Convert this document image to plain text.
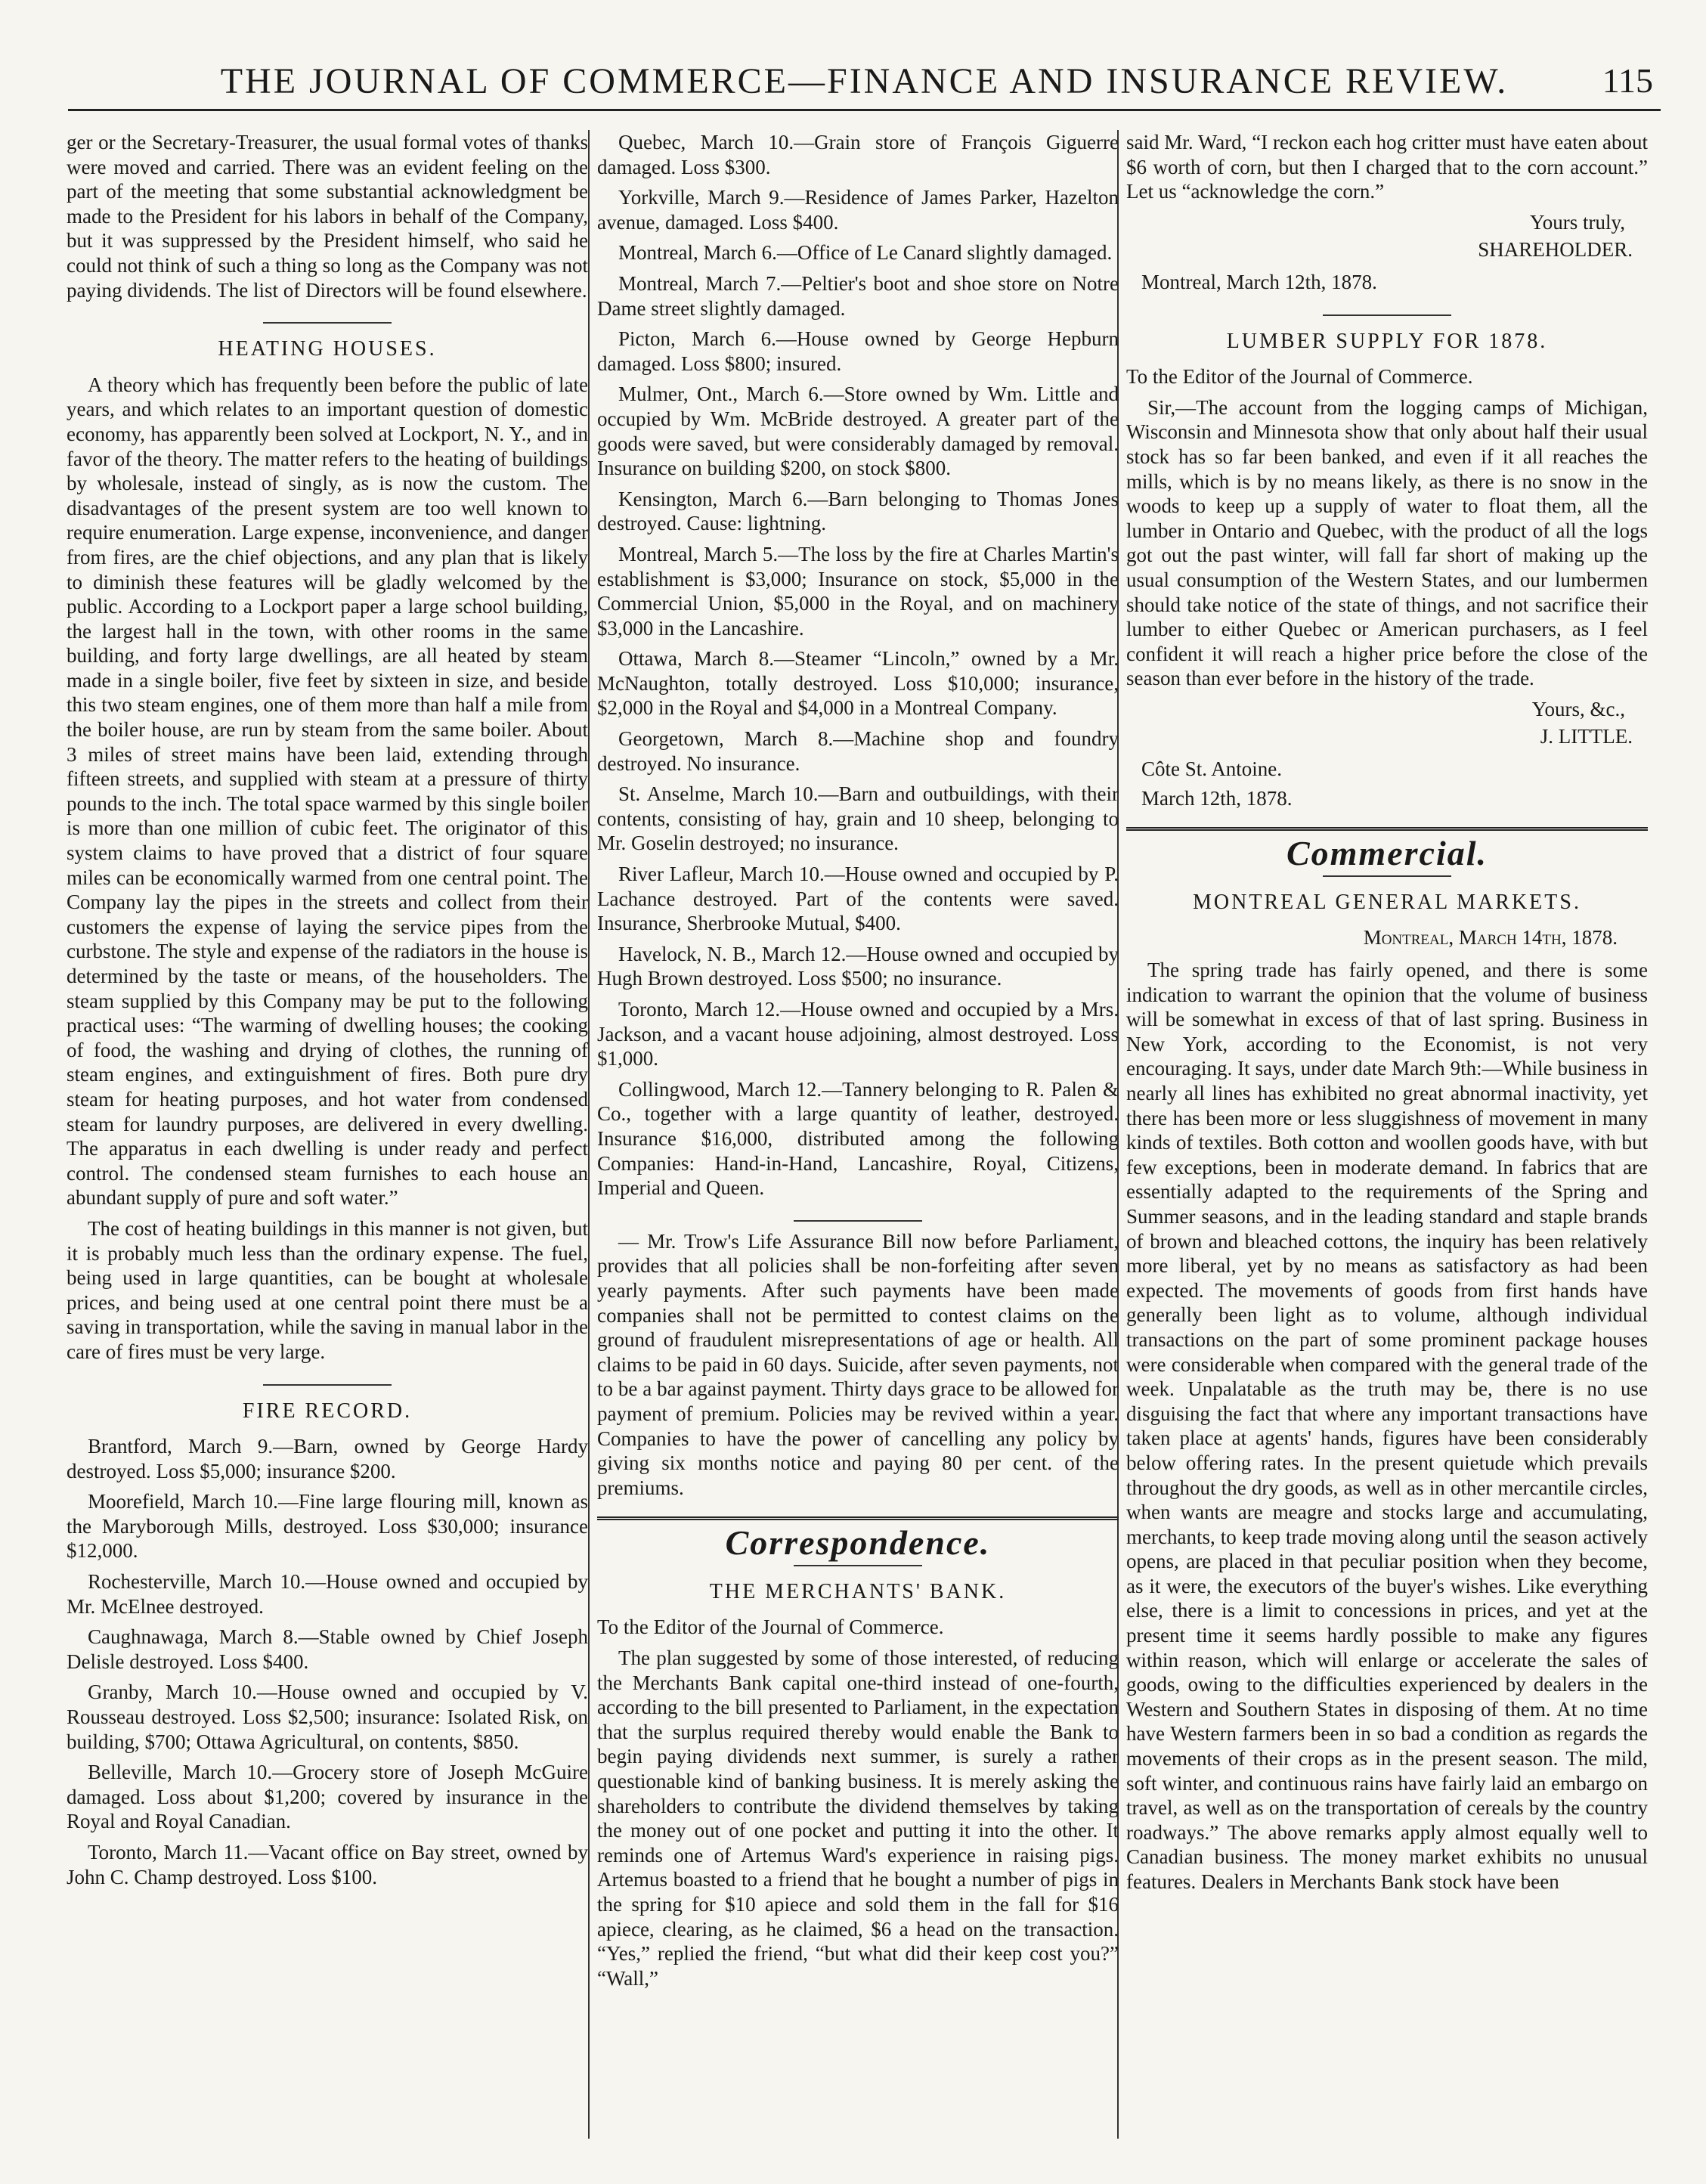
THE JOURNAL OF COMMERCE—FINANCE AND INSURANCE REVIEW.	115

ger or the Secretary-Treasurer, the usual formal votes of thanks were moved and carried. There was an evident feeling on the part of the meeting that some substantial acknowledgment be made to the President for his labors in behalf of the Company, but it was suppressed by the President himself, who said he could not think of such a thing so long as the Company was not paying dividends. The list of Directors will be found elsewhere.

HEATING HOUSES.

A theory which has frequently been before the public of late years, and which relates to an important question of domestic economy, has apparently been solved at Lockport, N. Y., and in favor of the theory. The matter refers to the heating of buildings by wholesale, instead of singly, as is now the custom. The disadvantages of the present system are too well known to require enumeration. Large expense, inconvenience, and danger from fires, are the chief objections, and any plan that is likely to diminish these features will be gladly welcomed by the public. According to a Lockport paper a large school building, the largest hall in the town, with other rooms in the same building, and forty large dwellings, are all heated by steam made in a single boiler, five feet by sixteen in size, and beside this two steam engines, one of them more than half a mile from the boiler house, are run by steam from the same boiler. About 3 miles of street mains have been laid, extending through fifteen streets, and supplied with steam at a pressure of thirty pounds to the inch. The total space warmed by this single boiler is more than one million of cubic feet. The originator of this system claims to have proved that a district of four square miles can be economically warmed from one central point. The Company lay the pipes in the streets and collect from their customers the expense of laying the service pipes from the curbstone. The style and expense of the radiators in the house is determined by the taste or means, of the householders. The steam supplied by this Company may be put to the following practical uses: “The warming of dwelling houses; the cooking of food, the washing and drying of clothes, the running of steam engines, and extinguishment of fires. Both pure dry steam for heating purposes, and hot water from condensed steam for laundry purposes, are delivered in every dwelling. The apparatus in each dwelling is under ready and perfect control. The condensed steam furnishes to each house an abundant supply of pure and soft water.”

The cost of heating buildings in this manner is not given, but it is probably much less than the ordinary expense. The fuel, being used in large quantities, can be bought at wholesale prices, and being used at one central point there must be a saving in transportation, while the saving in manual labor in the care of fires must be very large.

FIRE RECORD.

Brantford, March 9.—Barn, owned by George Hardy destroyed. Loss $5,000; insurance $200.

Moorefield, March 10.—Fine large flouring mill, known as the Maryborough Mills, destroyed. Loss $30,000; insurance $12,000.

Rochesterville, March 10.—House owned and occupied by Mr. McElnee destroyed.

Caughnawaga, March 8.—Stable owned by Chief Joseph Delisle destroyed. Loss $400.

Granby, March 10.—House owned and occupied by V. Rousseau destroyed. Loss $2,500; insurance: Isolated Risk, on building, $700; Ottawa Agricultural, on contents, $850.

Belleville, March 10.—Grocery store of Joseph McGuire damaged. Loss about $1,200; covered by insurance in the Royal and Royal Canadian.

Toronto, March 11.—Vacant office on Bay street, owned by John C. Champ destroyed. Loss $100.

Quebec, March 10.—Grain store of François Giguerre damaged. Loss $300.

Yorkville, March 9.—Residence of James Parker, Hazelton avenue, damaged. Loss $400.

Montreal, March 6.—Office of Le Canard slightly damaged.

Montreal, March 7.—Peltier's boot and shoe store on Notre Dame street slightly damaged.

Picton, March 6.—House owned by George Hepburn damaged. Loss $800; insured.

Mulmer, Ont., March 6.—Store owned by Wm. Little and occupied by Wm. McBride destroyed. A greater part of the goods were saved, but were considerably damaged by removal. Insurance on building $200, on stock $800.

Kensington, March 6.—Barn belonging to Thomas Jones destroyed. Cause: lightning.

Montreal, March 5.—The loss by the fire at Charles Martin's establishment is $3,000; Insurance on stock, $5,000 in the Commercial Union, $5,000 in the Royal, and on machinery $3,000 in the Lancashire.

Ottawa, March 8.—Steamer “Lincoln,” owned by a Mr. McNaughton, totally destroyed. Loss $10,000; insurance, $2,000 in the Royal and $4,000 in a Montreal Company.

Georgetown, March 8.—Machine shop and foundry destroyed. No insurance.

St. Anselme, March 10.—Barn and outbuildings, with their contents, consisting of hay, grain and 10 sheep, belonging to Mr. Goselin destroyed; no insurance.

River Lafleur, March 10.—House owned and occupied by P. Lachance destroyed. Part of the contents were saved. Insurance, Sherbrooke Mutual, $400.

Havelock, N. B., March 12.—House owned and occupied by Hugh Brown destroyed. Loss $500; no insurance.

Toronto, March 12.—House owned and occupied by a Mrs. Jackson, and a vacant house adjoining, almost destroyed. Loss $1,000.

Collingwood, March 12.—Tannery belonging to R. Palen & Co., together with a large quantity of leather, destroyed. Insurance $16,000, distributed among the following Companies: Hand-in-Hand, Lancashire, Royal, Citizens, Imperial and Queen.

— Mr. Trow's Life Assurance Bill now before Parliament, provides that all policies shall be non-forfeiting after seven yearly payments. After such payments have been made companies shall not be permitted to contest claims on the ground of fraudulent misrepresentations of age or health. All claims to be paid in 60 days. Suicide, after seven payments, not to be a bar against payment. Thirty days grace to be allowed for payment of premium. Policies may be revived within a year. Companies to have the power of cancelling any policy by giving six months notice and paying 80 per cent. of the premiums.

Correspondence.
THE MERCHANTS' BANK.

To the Editor of the Journal of Commerce.

The plan suggested by some of those interested, of reducing the Merchants Bank capital one-third instead of one-fourth, according to the bill presented to Parliament, in the expectation that the surplus required thereby would enable the Bank to begin paying dividends next summer, is surely a rather questionable kind of banking business. It is merely asking the shareholders to contribute the dividend themselves by taking the money out of one pocket and putting it into the other. It reminds one of Artemus Ward's experience in raising pigs. Artemus boasted to a friend that he bought a number of pigs in the spring for $10 apiece and sold them in the fall for $16 apiece, clearing, as he claimed, $6 a head on the transaction. “Yes,” replied the friend, “but what did their keep cost you?” “Wall,”

said Mr. Ward, “I reckon each hog critter must have eaten about $6 worth of corn, but then I charged that to the corn account.” Let us “acknowledge the corn.”

Yours truly,
SHAREHOLDER.
Montreal, March 12th, 1878.
LUMBER SUPPLY FOR 1878.

To the Editor of the Journal of Commerce.

Sir,—The account from the logging camps of Michigan, Wisconsin and Minnesota show that only about half their usual stock has so far been banked, and even if it all reaches the mills, which is by no means likely, as there is no snow in the woods to keep up a supply of water to float them, all the lumber in Ontario and Quebec, with the product of all the logs got out the past winter, will fall far short of making up the usual consumption of the Western States, and our lumbermen should take notice of the state of things, and not sacrifice their lumber to either Quebec or American purchasers, as I feel confident it will reach a higher price before the close of the season than ever before in the history of the trade.

Yours, &c.,
J. LITTLE.
Côte St. Antoine.
March 12th, 1878.
Commercial.
MONTREAL GENERAL MARKETS.
Montreal, March 14th, 1878.

The spring trade has fairly opened, and there is some indication to warrant the opinion that the volume of business will be somewhat in excess of that of last spring. Business in New York, according to the Economist, is not very encouraging. It says, under date March 9th:—While business in nearly all lines has exhibited no great abnormal inactivity, yet there has been more or less sluggishness of movement in many kinds of textiles. Both cotton and woollen goods have, with but few exceptions, been in moderate demand. In fabrics that are essentially adapted to the requirements of the Spring and Summer seasons, and in the leading standard and staple brands of brown and bleached cottons, the inquiry has been relatively more liberal, yet by no means as satisfactory as had been expected. The movements of goods from first hands have generally been light as to volume, although individual transactions on the part of some prominent package houses were considerable when compared with the general trade of the week. Unpalatable as the truth may be, there is no use disguising the fact that where any important transactions have taken place at agents' hands, figures have been considerably below offering rates. In the present quietude which prevails throughout the dry goods, as well as in other mercantile circles, when wants are meagre and stocks large and accumulating, merchants, to keep trade moving along until the season actively opens, are placed in that peculiar position when they become, as it were, the executors of the buyer's wishes. Like everything else, there is a limit to concessions in prices, and yet at the present time it seems hardly possible to make any figures within reason, which will enlarge or accelerate the sales of goods, owing to the difficulties experienced by dealers in the Western and Southern States in disposing of them. At no time have Western farmers been in so bad a condition as regards the movements of their crops as in the present season. The mild, soft winter, and continuous rains have fairly laid an embargo on travel, as well as on the transportation of cereals by the country roadways.” The above remarks apply almost equally well to Canadian business. The money market exhibits no unusual features. Dealers in Merchants Bank stock have been
